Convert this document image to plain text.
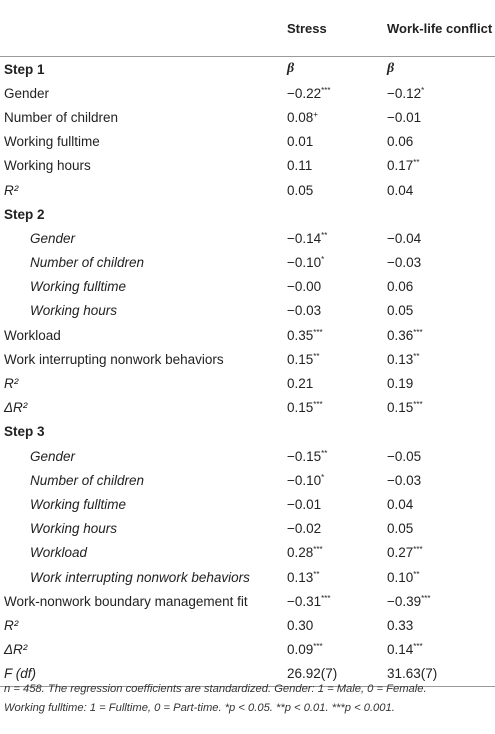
	Stress	Work-life conflict
Step 1	β	β
Gender	−0.22***	−0.12*
Number of children	0.08+	−0.01
Working fulltime	0.01	0.06
Working hours	0.11	0.17**
R²	0.05	0.04
Step 2		
Gender	−0.14**	−0.04
Number of children	−0.10*	−0.03
Working fulltime	−0.00	0.06
Working hours	−0.03	0.05
Workload	0.35***	0.36***
Work interrupting nonwork behaviors	0.15**	0.13**
R²	0.21	0.19
ΔR²	0.15***	0.15***
Step 3		
Gender	−0.15**	−0.05
Number of children	−0.10*	−0.03
Working fulltime	−0.01	0.04
Working hours	−0.02	0.05
Workload	0.28***	0.27***
Work interrupting nonwork behaviors	0.13**	0.10**
Work-nonwork boundary management fit	−0.31***	−0.39***
R²	0.30	0.33
ΔR²	0.09***	0.14***
F (df)	26.92(7)	31.63(7)
n = 458. The regression coefficients are standardized. Gender: 1 = Male, 0 = Female.
Working fulltime: 1 = Fulltime, 0 = Part-time. *p < 0.05. **p < 0.01. ***p < 0.001.
